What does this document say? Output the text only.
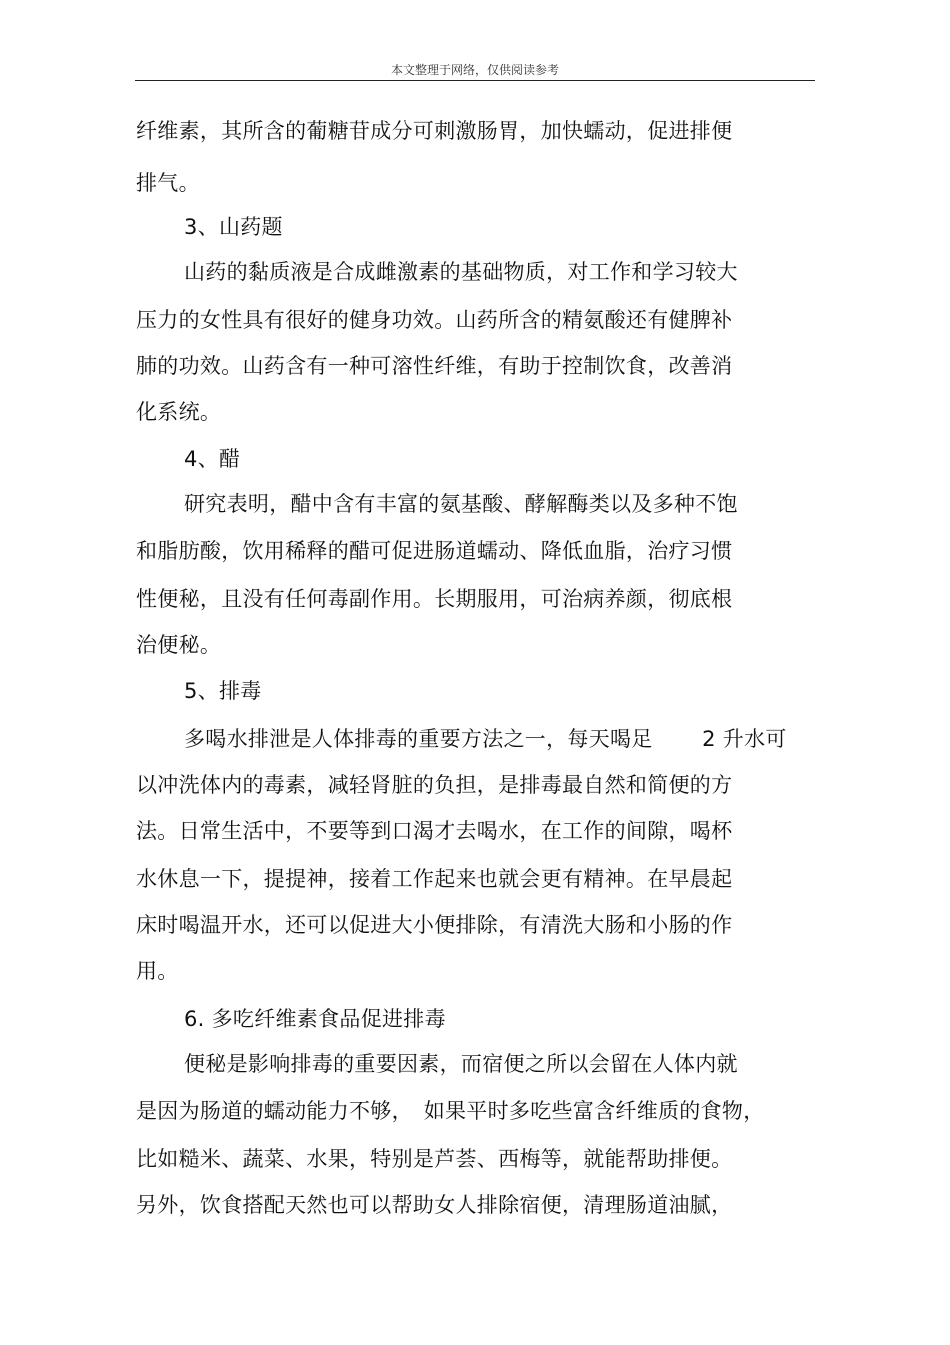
本文整理于网络，仅供阅读参考
纤维素，其所含的葡糖苷成分可刺激肠胃，加快蠕动，促进排便
排气。
3、山药题
山药的黏质液是合成雌激素的基础物质，对工作和学习较大
压力的女性具有很好的健身功效。山药所含的精氨酸还有健脾补
肺的功效。山药含有一种可溶性纤维，有助于控制饮食，改善消
化系统。
4、醋
研究表明，醋中含有丰富的氨基酸、酵解酶类以及多种不饱
和脂肪酸，饮用稀释的醋可促进肠道蠕动、降低血脂，治疗习惯
性便秘，且没有任何毒副作用。长期服用，可治病养颜，彻底根
治便秘。
5、排毒
多喝水排泄是人体排毒的重要方法之一，每天喝足　　 2 升水可
以冲洗体内的毒素，减轻肾脏的负担，是排毒最自然和简便的方
法。日常生活中，不要等到口渴才去喝水，在工作的间隙，喝杯
水休息一下，提提神，接着工作起来也就会更有精神。在早晨起
床时喝温开水，还可以促进大小便排除，有清洗大肠和小肠的作
用。
6. 多吃纤维素食品促进排毒
便秘是影响排毒的重要因素，而宿便之所以会留在人体内就
是因为肠道的蠕动能力不够，　如果平时多吃些富含纤维质的食物，
比如糙米、蔬菜、水果，特别是芦荟、西梅等，就能帮助排便。
另外，饮食搭配天然也可以帮助女人排除宿便，清理肠道油腻，
